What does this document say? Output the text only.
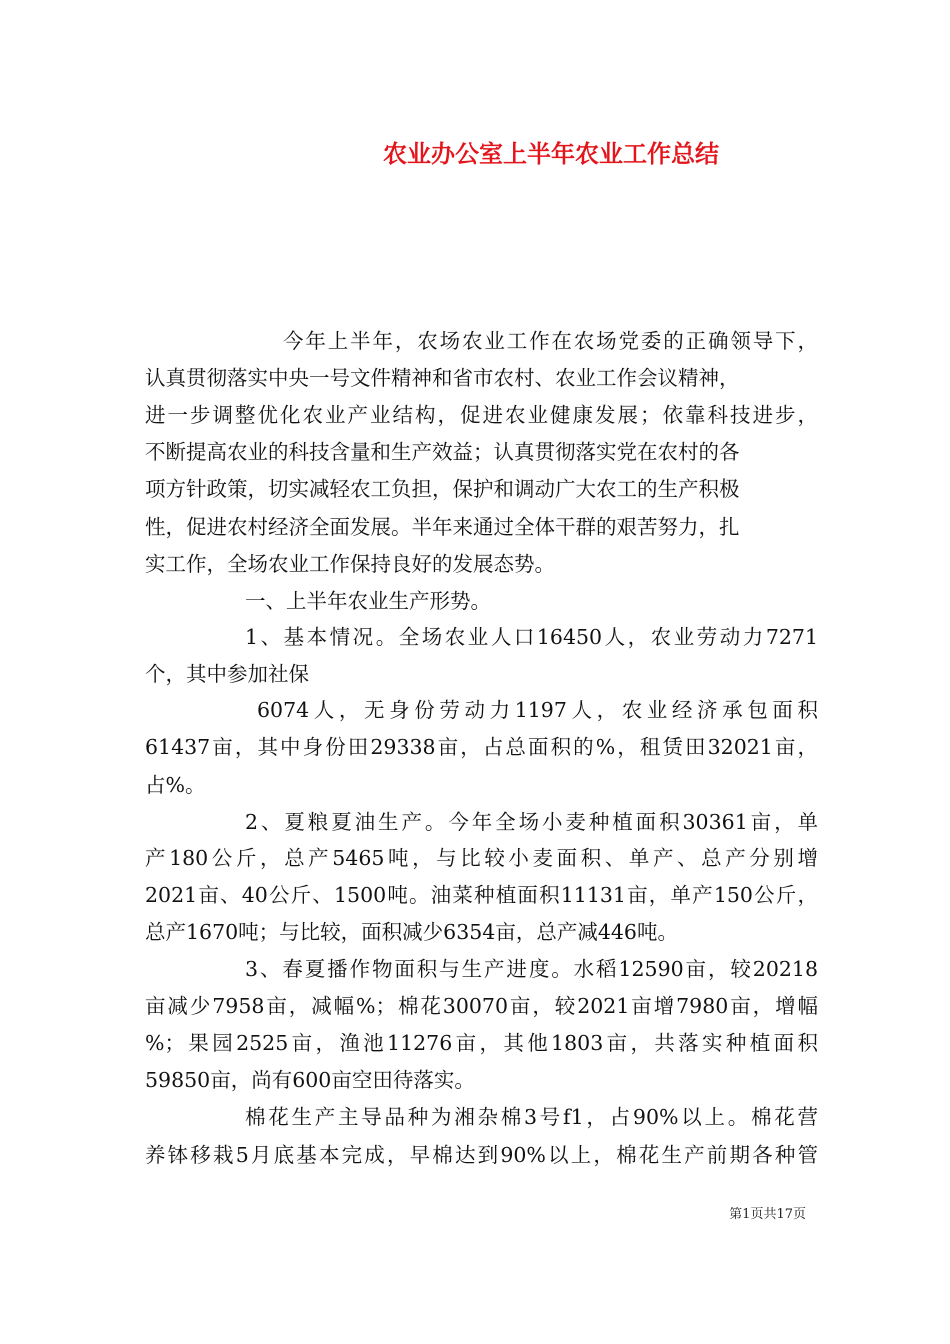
农业办公室上半年农业工作总结
今年上半年，农场农业工作在农场党委的正确领导下，
认真贯彻落实中央一号文件精神和省市农村、农业工作会议精神，
进一步调整优化农业产业结构，促进农业健康发展；依靠科技进步，
不断提高农业的科技含量和生产效益；认真贯彻落实党在农村的各
项方针政策，切实减轻农工负担，保护和调动广大农工的生产积极
性，促进农村经济全面发展。半年来通过全体干群的艰苦努力，扎
实工作，全场农业工作保持良好的发展态势。
一、上半年农业生产形势。
1、基本情况。全场农业人口16450人，农业劳动力7271
个，其中参加社保
6074人，无身份劳动力1197人，农业经济承包面积
61437亩，其中身份田29338亩，占总面积的%，租赁田32021亩，
占%。
2、夏粮夏油生产。今年全场小麦种植面积30361亩，单
产180公斤，总产5465吨，与比较小麦面积、单产、总产分别增
2021亩、40公斤、1500吨。油菜种植面积11131亩，单产150公斤，
总产1670吨；与比较，面积减少6354亩，总产减446吨。
3、春夏播作物面积与生产进度。水稻12590亩，较20218
亩减少7958亩，减幅%；棉花30070亩，较2021亩增7980亩，增幅
%；果园2525亩，渔池11276亩，其他1803亩，共落实种植面积
59850亩，尚有600亩空田待落实。
棉花生产主导品种为湘杂棉3号f1，占90%以上。棉花营
养钵移栽5月底基本完成，早棉达到90%以上，棉花生产前期各种管
第1页共17页
